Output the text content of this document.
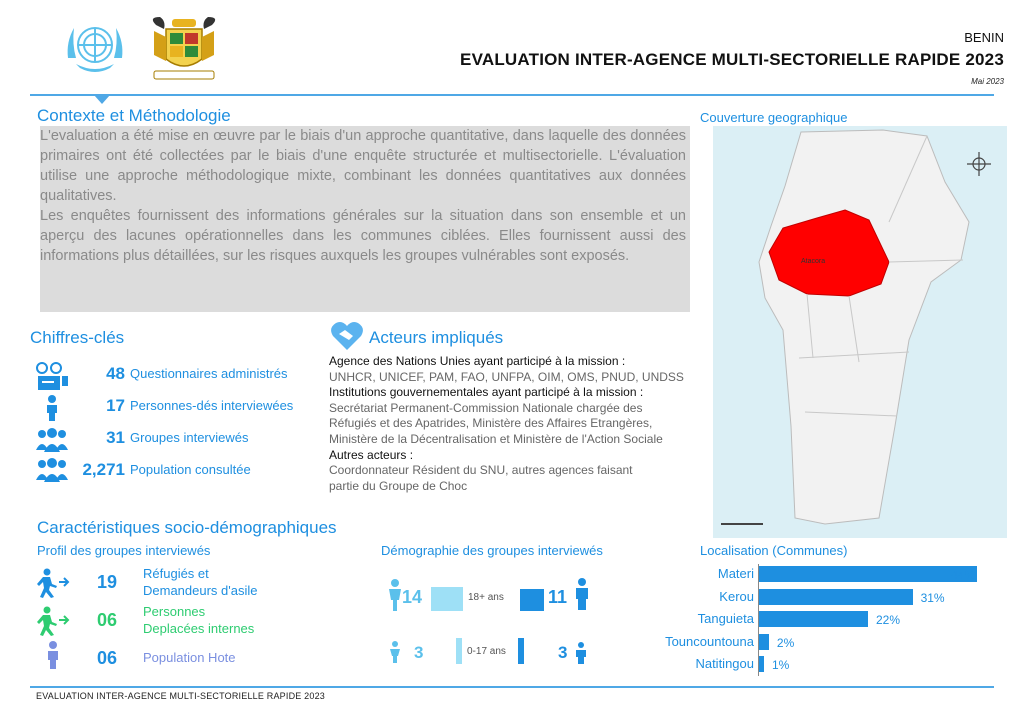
BENIN
EVALUATION INTER-AGENCE MULTI-SECTORIELLE RAPIDE 2023
Mai 2023
Contexte et Méthodologie

L'evaluation a été mise en œuvre par le biais d'un approche quantitative, dans laquelle des données primaires ont été collectées par le biais d'une enquête structurée et multisectorielle. L'évaluation utilise une approche méthodologique mixte, combinant les données quantitatives aux données qualitatives.

Les enquêtes fournissent des informations générales sur la situation dans son ensemble et un aperçu des lacunes opérationnelles dans les communes ciblées. Elles fournissent aussi des informations plus détaillées, sur les risques auxquels les groupes vulnérables sont exposés.

Couverture geographique
Atacora
Chiffres-clés
48 Questionnaires administrés
17 Personnes-dés interviewées
31 Groupes interviewés
2,271 Population consultée
Acteurs impliqués
Agence des Nations Unies ayant participé à la mission :
UNHCR, UNICEF, PAM, FAO, UNFPA, OIM, OMS, PNUD, UNDSS
Institutions gouvernementales ayant participé à la mission :
Secrétariat Permanent-Commission Nationale chargée des
Réfugiés et des Apatrides, Ministère des Affaires Etrangères,
Ministère de la Décentralisation et Ministère de l'Action Sociale
Autres acteurs :
Coordonnateur Résident du SNU, autres agences faisant
partie du Groupe de Choc
Caractéristiques socio-démographiques
Profil des groupes interviewés
19 Réfugiés et
Demandeurs d'asile
06 Personnes
Deplacées internes
06 Population Hote
Démographie des groupes interviewés
14	18+ ans 11
3	0-17 ans	3
Localisation (Communes)
Materi	44%
Kerou	31%
Tanguieta	22%
Touncountouna 2%
Natitingou 1%
EVALUATION INTER-AGENCE MULTI-SECTORIELLE RAPIDE 2023
